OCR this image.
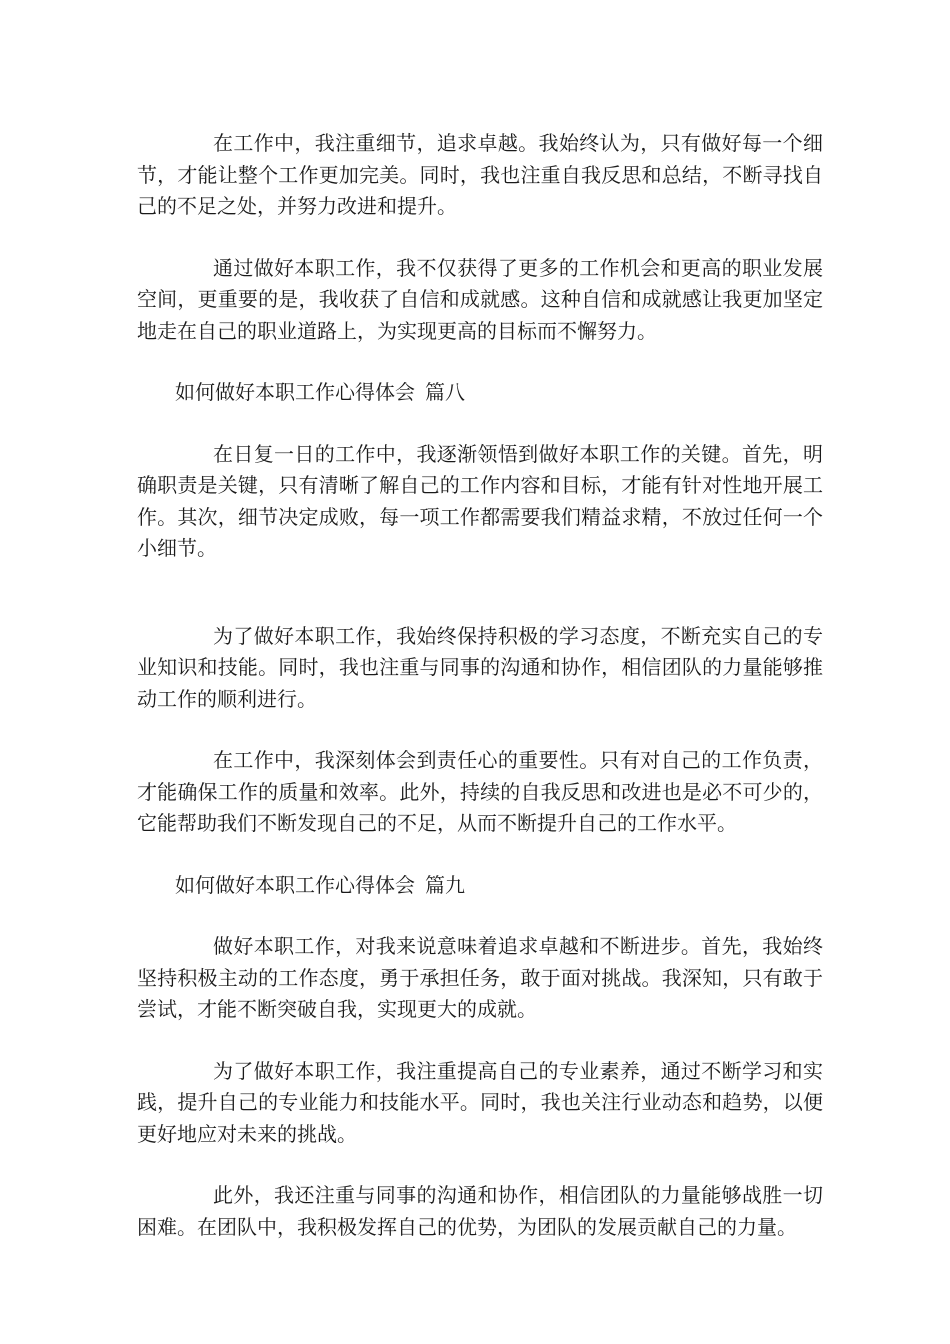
在工作中，我注重细节，追求卓越。我始终认为，只有做好每一个细节，才能让整个工作更加完美。同时，我也注重自我反思和总结，不断寻找自己的不足之处，并努力改进和提升。

通过做好本职工作，我不仅获得了更多的工作机会和更高的职业发展空间，更重要的是，我收获了自信和成就感。这种自信和成就感让我更加坚定地走在自己的职业道路上，为实现更高的目标而不懈努力。

如何做好本职工作心得体会 篇八

在日复一日的工作中，我逐渐领悟到做好本职工作的关键。首先，明确职责是关键，只有清晰了解自己的工作内容和目标，才能有针对性地开展工作。其次，细节决定成败，每一项工作都需要我们精益求精，不放过任何一个小细节。

为了做好本职工作，我始终保持积极的学习态度，不断充实自己的专业知识和技能。同时，我也注重与同事的沟通和协作，相信团队的力量能够推动工作的顺利进行。

在工作中，我深刻体会到责任心的重要性。只有对自己的工作负责，才能确保工作的质量和效率。此外，持续的自我反思和改进也是必不可少的，它能帮助我们不断发现自己的不足，从而不断提升自己的工作水平。

如何做好本职工作心得体会 篇九

做好本职工作，对我来说意味着追求卓越和不断进步。首先，我始终坚持积极主动的工作态度，勇于承担任务，敢于面对挑战。我深知，只有敢于尝试，才能不断突破自我，实现更大的成就。

为了做好本职工作，我注重提高自己的专业素养，通过不断学习和实践，提升自己的专业能力和技能水平。同时，我也关注行业动态和趋势，以便更好地应对未来的挑战。

此外，我还注重与同事的沟通和协作，相信团队的力量能够战胜一切困难。在团队中，我积极发挥自己的优势，为团队的发展贡献自己的力量。
